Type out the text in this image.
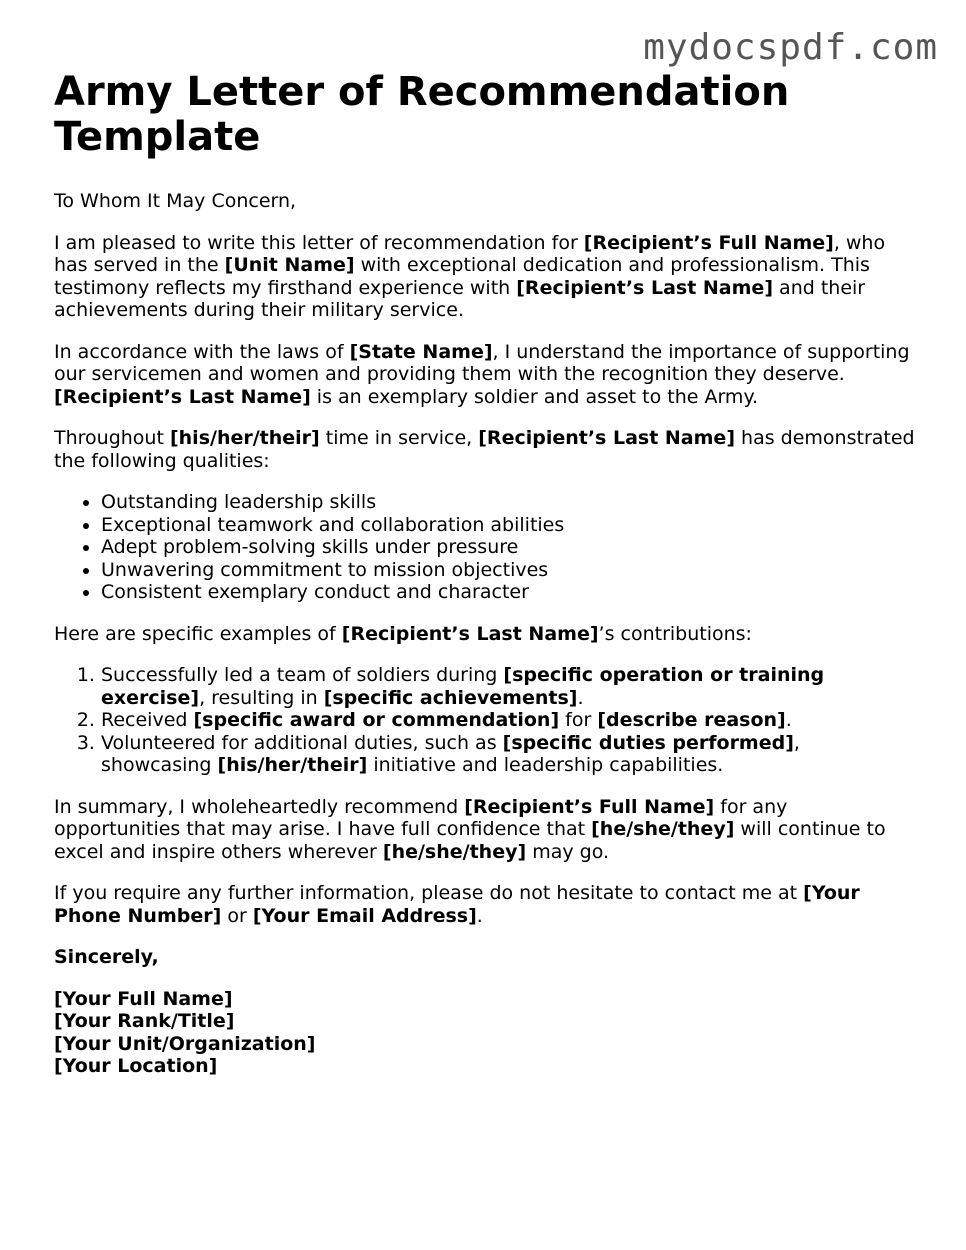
mydocspdf.com
Army Letter of Recommendation Template

To Whom It May Concern,

I am pleased to write this letter of recommendation for [Recipient’s Full Name], who has served in the [Unit Name] with exceptional dedication and professionalism. This testimony reflects my firsthand experience with [Recipient’s Last Name] and their achievements during their military service.

In accordance with the laws of [State Name], I understand the importance of supporting our servicemen and women and providing them with the recognition they deserve. [Recipient’s Last Name] is an exemplary soldier and asset to the Army.

Throughout [his/her/their] time in service, [Recipient’s Last Name] has demonstrated the following qualities:

• Outstanding leadership skills
• Exceptional teamwork and collaboration abilities
• Adept problem-solving skills under pressure
• Unwavering commitment to mission objectives
• Consistent exemplary conduct and character

Here are specific examples of [Recipient’s Last Name]’s contributions:

1. Successfully led a team of soldiers during [specific operation or training exercise], resulting in [specific achievements].
2. Received [specific award or commendation] for [describe reason].
3. Volunteered for additional duties, such as [specific duties performed], showcasing [his/her/their] initiative and leadership capabilities.

In summary, I wholeheartedly recommend [Recipient’s Full Name] for any opportunities that may arise. I have full confidence that [he/she/they] will continue to excel and inspire others wherever [he/she/they] may go.

If you require any further information, please do not hesitate to contact me at [Your Phone Number] or [Your Email Address].

Sincerely,

[Your Full Name]
[Your Rank/Title]
[Your Unit/Organization]
[Your Location]
